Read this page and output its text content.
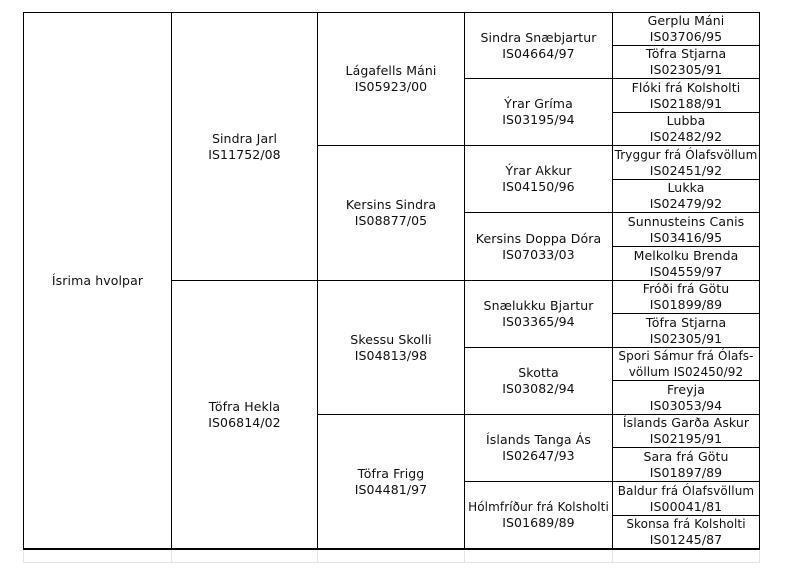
Ísrima hvolpar
Sindra Jarl
IS11752/08
Töfra Hekla
IS06814/02
Lágafells Máni
IS05923/00
Kersins Sindra
IS08877/05
Skessu Skolli
IS04813/98
Töfra Frigg
IS04481/97
Sindra Snæbjartur
IS04664/97
Ýrar Gríma
IS03195/94
Ýrar Akkur
IS04150/96
Kersins Doppa Dóra
IS07033/03
Snælukku Bjartur
IS03365/94
Skotta
IS03082/94
Íslands Tanga Ás
IS02647/93
Hólmfríður frá Kolsholti
IS01689/89
Gerplu Máni
IS03706/95
Töfra Stjarna
IS02305/91
Flóki frá Kolsholti
IS02188/91
Lubba
IS02482/92
Tryggur frá Ólafsvöllum
IS02451/92
Lukka
IS02479/92
Sunnusteins Canis
IS03416/95
Melkolku Brenda
IS04559/97
Fróði frá Götu
IS01899/89
Töfra Stjarna
IS02305/91
Spori Sámur frá Ólafs-
völlum IS02450/92
Freyja
IS03053/94
Íslands Garða Askur
IS02195/91
Sara frá Götu
IS01897/89
Baldur frá Ólafsvöllum
IS00041/81
Skonsa frá Kolsholti
IS01245/87
